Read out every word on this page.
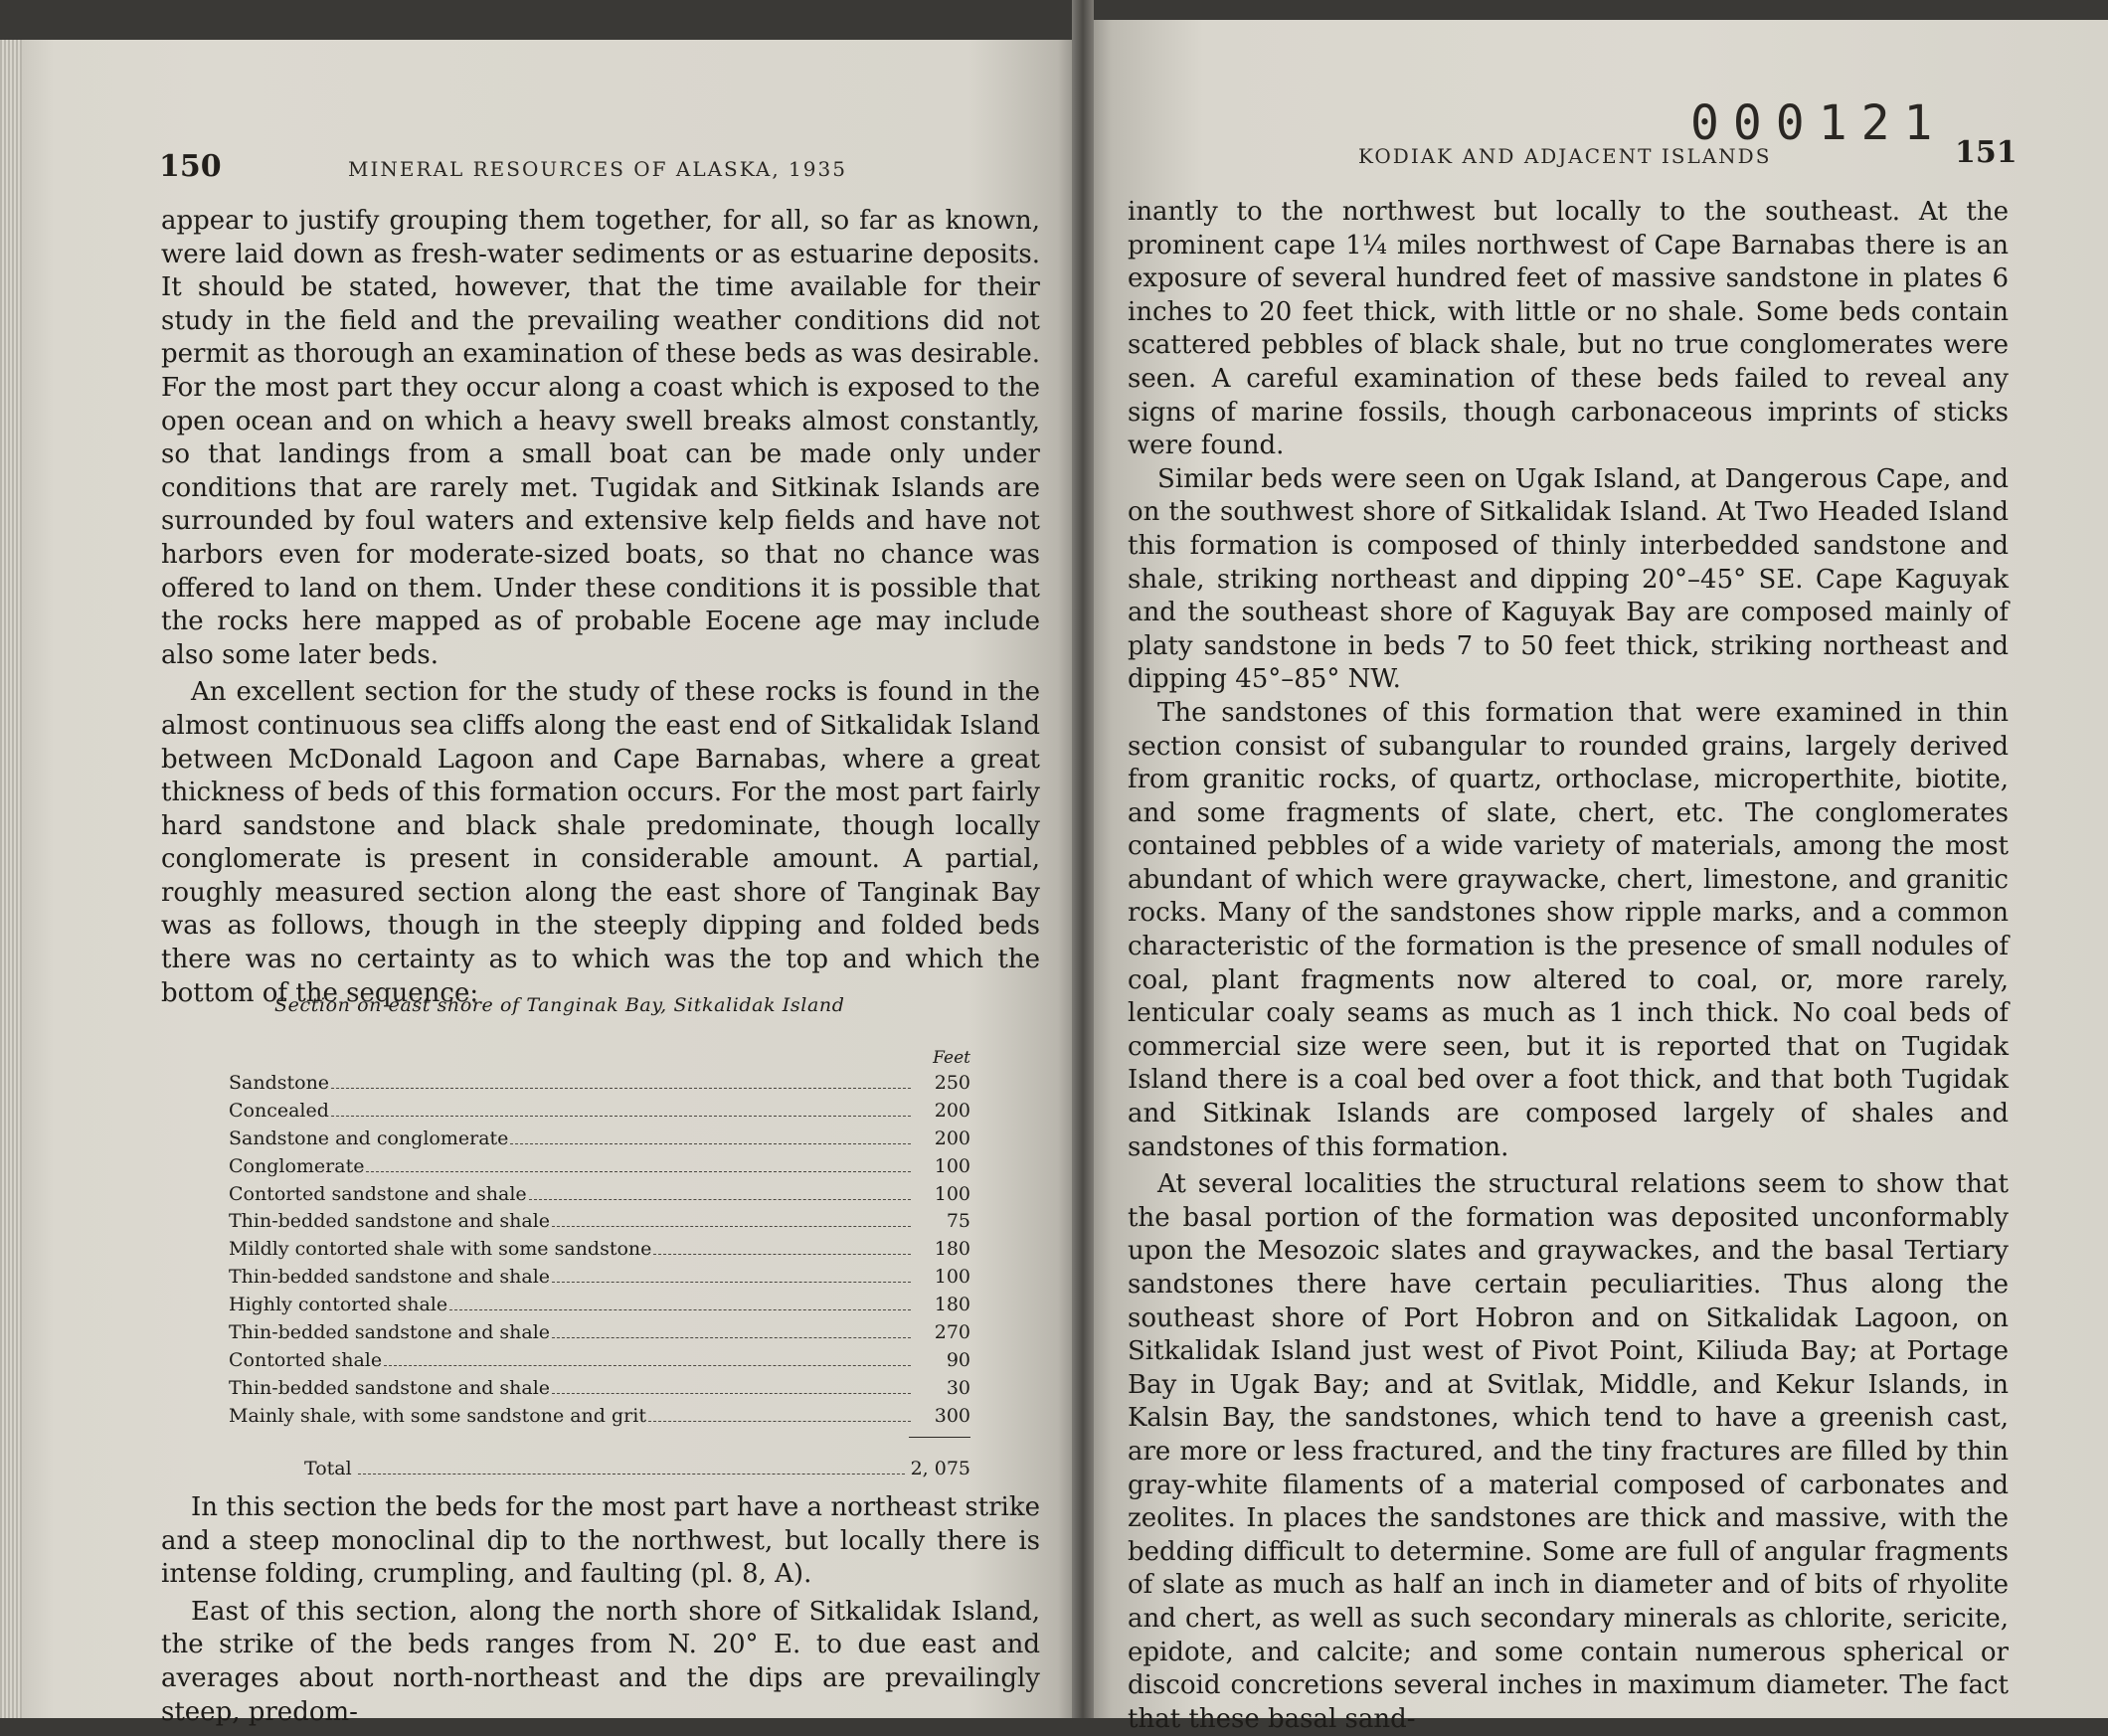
150	MINERAL RESOURCES OF ALASKA, 1935

appear to justify grouping them together, for all, so far as known, were laid down as fresh-water sediments or as estuarine deposits. It should be stated, however, that the time available for their study in the field and the prevailing weather conditions did not permit as thorough an examination of these beds as was desirable. For the most part they occur along a coast which is exposed to the open ocean and on which a heavy swell breaks almost constantly, so that landings from a small boat can be made only under conditions that are rarely met. Tugidak and Sitkinak Islands are surrounded by foul waters and extensive kelp fields and have not harbors even for moderate-sized boats, so that no chance was offered to land on them. Under these conditions it is possible that the rocks here mapped as of probable Eocene age may include also some later beds.

An excellent section for the study of these rocks is found in the almost continuous sea cliffs along the east end of Sitkalidak Island between McDonald Lagoon and Cape Barnabas, where a great thickness of beds of this formation occurs. For the most part fairly hard sandstone and black shale predominate, though locally conglomerate is present in considerable amount. A partial, roughly measured section along the east shore of Tanginak Bay was as follows, though in the steeply dipping and folded beds there was no certainty as to which was the top and which the bottom of the sequence:

Section on east shore of Tanginak Bay, Sitkalidak Island
Feet
Sandstone	250
Concealed	200
Sandstone and conglomerate	200
Conglomerate	100
Contorted sandstone and shale	100
Thin-bedded sandstone and shale	75
Mildly contorted shale with some sandstone	180
Thin-bedded sandstone and shale	100
Highly contorted shale	180
Thin-bedded sandstone and shale	270
Contorted shale	90
Thin-bedded sandstone and shale	30
Mainly shale, with some sandstone and grit	300
Total	2, 075

In this section the beds for the most part have a northeast strike and a steep monoclinal dip to the northwest, but locally there is intense folding, crumpling, and faulting (pl. 8, A).

East of this section, along the north shore of Sitkalidak Island, the strike of the beds ranges from N. 20° E. to due east and averages about north-northeast and the dips are prevailingly steep, predom-

000121
KODIAK AND ADJACENT ISLANDS	151

inantly to the northwest but locally to the southeast. At the prominent cape 1¼ miles northwest of Cape Barnabas there is an exposure of several hundred feet of massive sandstone in plates 6 inches to 20 feet thick, with little or no shale. Some beds contain scattered pebbles of black shale, but no true conglomerates were seen. A careful examination of these beds failed to reveal any signs of marine fossils, though carbonaceous imprints of sticks were found.

Similar beds were seen on Ugak Island, at Dangerous Cape, and on the southwest shore of Sitkalidak Island. At Two Headed Island this formation is composed of thinly interbedded sandstone and shale, striking northeast and dipping 20°–45° SE. Cape Kaguyak and the southeast shore of Kaguyak Bay are composed mainly of platy sandstone in beds 7 to 50 feet thick, striking northeast and dipping 45°–85° NW.

The sandstones of this formation that were examined in thin section consist of subangular to rounded grains, largely derived from granitic rocks, of quartz, orthoclase, microperthite, biotite, and some fragments of slate, chert, etc. The conglomerates contained pebbles of a wide variety of materials, among the most abundant of which were graywacke, chert, limestone, and granitic rocks. Many of the sandstones show ripple marks, and a common characteristic of the formation is the presence of small nodules of coal, plant fragments now altered to coal, or, more rarely, lenticular coaly seams as much as 1 inch thick. No coal beds of commercial size were seen, but it is reported that on Tugidak Island there is a coal bed over a foot thick, and that both Tugidak and Sitkinak Islands are composed largely of shales and sandstones of this formation.

At several localities the structural relations seem to show that the basal portion of the formation was deposited unconformably upon the Mesozoic slates and graywackes, and the basal Tertiary sandstones there have certain peculiarities. Thus along the southeast shore of Port Hobron and on Sitkalidak Lagoon, on Sitkalidak Island just west of Pivot Point, Kiliuda Bay; at Portage Bay in Ugak Bay; and at Svitlak, Middle, and Kekur Islands, in Kalsin Bay, the sandstones, which tend to have a greenish cast, are more or less fractured, and the tiny fractures are filled by thin gray-white filaments of a material composed of carbonates and zeolites. In places the sandstones are thick and massive, with the bedding difficult to determine. Some are full of angular fragments of slate as much as half an inch in diameter and of bits of rhyolite and chert, as well as such secondary minerals as chlorite, sericite, epidote, and calcite; and some contain numerous spherical or discoid concretions several inches in maximum diameter. The fact that these basal sand-
